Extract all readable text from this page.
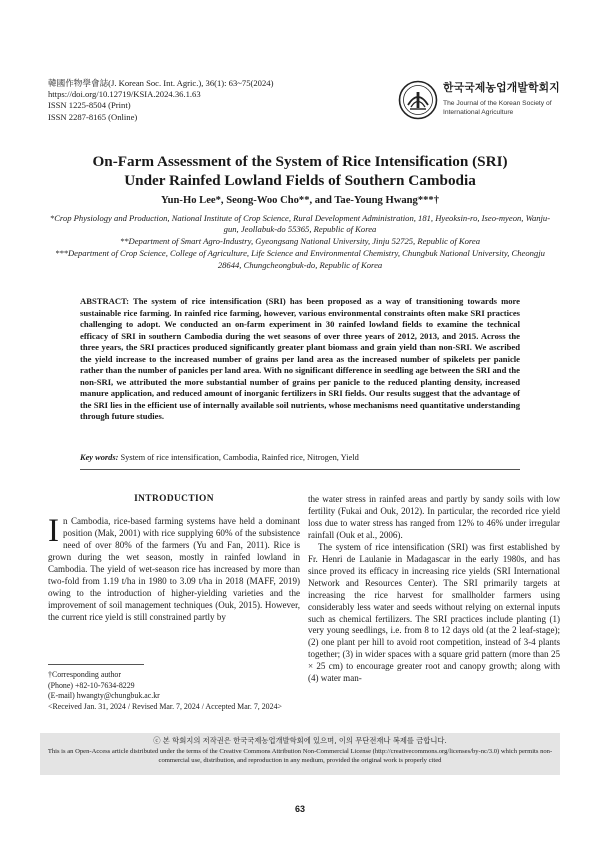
韓國作物學會誌(J. Korean Soc. Int. Agric.), 36(1): 63~75(2024)
https://doi.org/10.12719/KSIA.2024.36.1.63
ISSN 1225-8504 (Print)
ISSN 2287-8165 (Online)
한국국제농업개발학회지
The Journal of the Korean Society of International Agriculture
On-Farm Assessment of the System of Rice Intensification (SRI)
Under Rainfed Lowland Fields of Southern Cambodia
Yun-Ho Lee*, Seong-Woo Cho**, and Tae-Young Hwang***†
*Crop Physiology and Production, National Institute of Crop Science, Rural Development Administration, 181, Hyeoksin-ro, Iseo-myeon, Wanju-gun, Jeollabuk-do 55365, Republic of Korea
**Department of Smart Agro-Industry, Gyeongsang National University, Jinju 52725, Republic of Korea
***Department of Crop Science, College of Agriculture, Life Science and Environmental Chemistry, Chungbuk National University, Cheongju 28644, Chungcheongbuk-do, Republic of Korea
ABSTRACT: The system of rice intensification (SRI) has been proposed as a way of transitioning towards more sustainable rice farming. In rainfed rice farming, however, various environmental constraints often make SRI practices challenging to adopt. We conducted an on-farm experiment in 30 rainfed lowland fields to examine the technical efficacy of SRI in southern Cambodia during the wet seasons of over three years of 2012, 2013, and 2015. Across the three years, the SRI practices produced significantly greater plant biomass and grain yield than non-SRI. We ascribed the yield increase to the increased number of grains per land area as the increased number of spikelets per panicle rather than the number of panicles per land area. With no significant difference in seedling age between the SRI and the non-SRI, we attributed the more substantial number of grains per panicle to the reduced planting density, increased manure application, and reduced amount of inorganic fertilizers in SRI fields. Our results suggest that the advantage of the SRI lies in the efficient use of internally available soil nutrients, whose mechanisms need quantitative understanding through future studies.
Key words: System of rice intensification, Cambodia, Rainfed rice, Nitrogen, Yield
INTRODUCTION
In Cambodia, rice-based farming systems have held a dominant position (Mak, 2001) with rice supplying 60% of the subsistence need of over 80% of the farmers (Yu and Fan, 2011). Rice is grown during the wet season, mostly in rainfed lowland in Cambodia. The yield of wet-season rice has increased by more than two-fold from 1.19 t/ha in 1980 to 3.09 t/ha in 2018 (MAFF, 2019) owing to the introduction of higher-yielding varieties and the improvement of soil management techniques (Ouk, 2015). However, the current rice yield is still constrained partly by

the water stress in rainfed areas and partly by sandy soils with low fertility (Fukai and Ouk, 2012). In particular, the recorded rice yield loss due to water stress has ranged from 12% to 46% under irregular rainfall (Ouk et al., 2006).

The system of rice intensification (SRI) was first established by Fr. Henri de Laulanie in Madagascar in the early 1980s, and has since proved its efficacy in increasing rice yields (SRI International Network and Resources Center). The SRI primarily targets at increasing the rice harvest for smallholder farmers using considerably less water and seeds without relying on external inputs such as chemical fertilizers. The SRI practices include planting (1) very young seedlings, i.e. from 8 to 12 days old (at the 2 leaf-stage); (2) one plant per hill to avoid root competition, instead of 3-4 plants together; (3) in wider spaces with a square grid pattern (more than 25 × 25 cm) to encourage greater root and canopy growth; along with (4) water man-

†Corresponding author
(Phone) +82-10-7634-8229
(E-mail) hwangty@chungbuk.ac.kr
<Received Jan. 31, 2024 / Revised Mar. 7, 2024 / Accepted Mar. 7, 2024>
ⓒ 본 학회지의 저작권은 한국국제농업개발학회에 있으며, 이의 무단전재나 복제를 금합니다.
This is an Open-Access article distributed under the terms of the Creative Commons Attribution Non-Commercial License (http://creativecommons.org/licenses/by-nc/3.0) which permits non-commercial use, distribution, and reproduction in any medium, provided the original work is properly cited
63
